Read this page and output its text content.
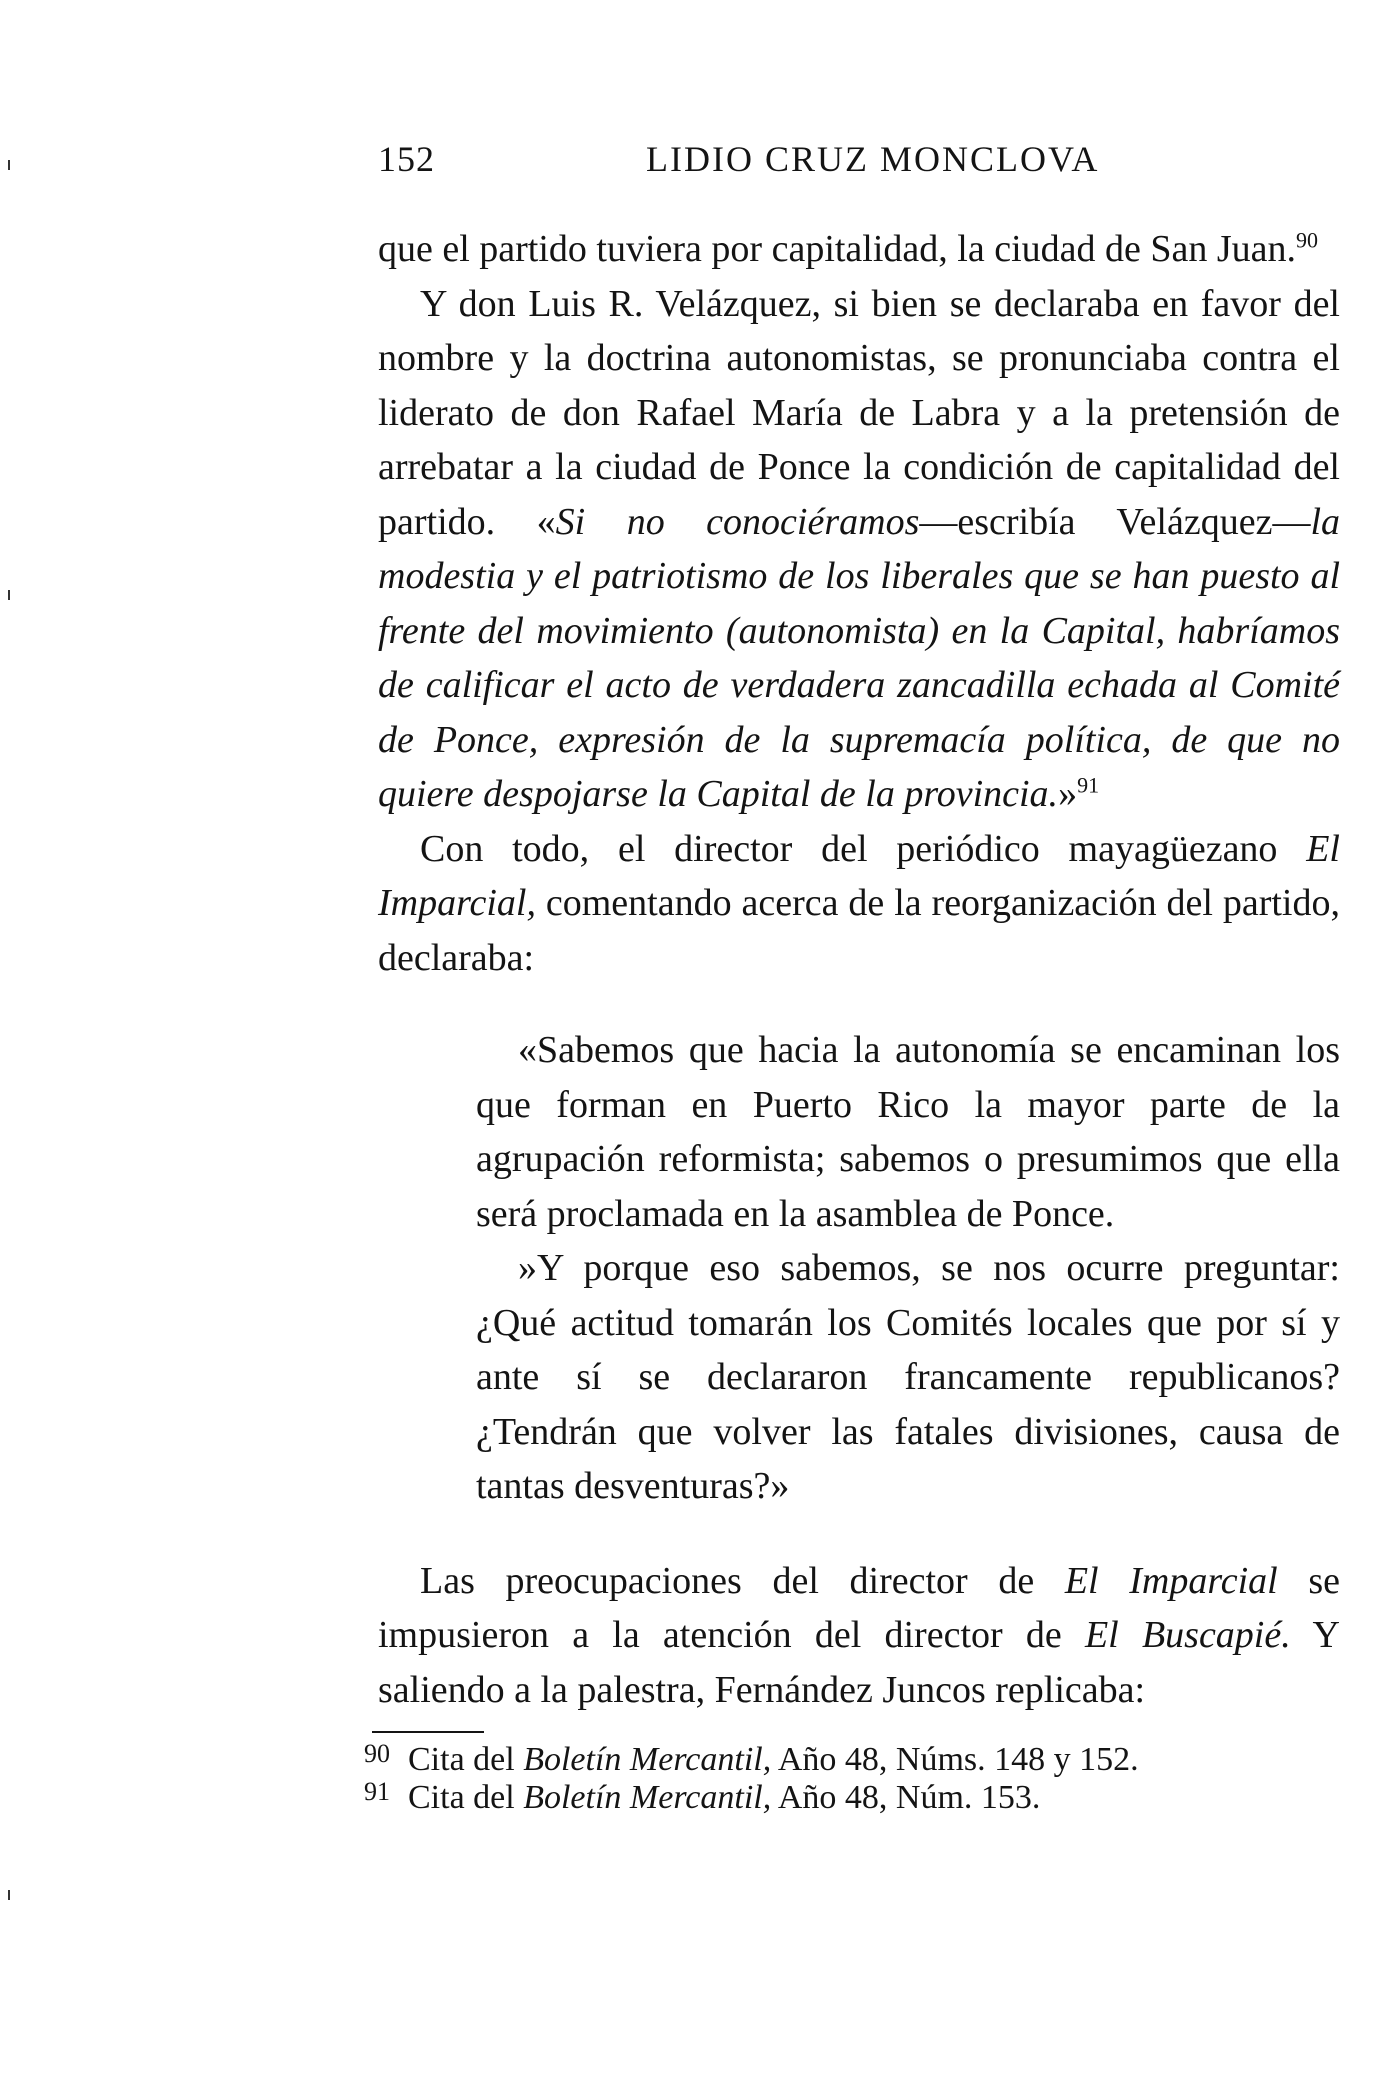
152	LIDIO CRUZ MONCLOVA

que el partido tuviera por capitalidad, la ciudad de San Juan.$^{90}$

Y don Luis R. Velázquez, si bien se declaraba en favor del nombre y la doctrina autonomistas, se pronunciaba contra el liderato de don Rafael María de Labra y a la pretensión de arrebatar a la ciudad de Ponce la condición de capitalidad del partido. «Si no conociéramos—escribía Velázquez—la modestia y el patriotismo de los liberales que se han puesto al frente del movimiento (autonomista) en la Capital, habríamos de calificar el acto de verdadera zancadilla echada al Comité de Ponce, expresión de la supremacía política, de que no quiere despojarse la Capital de la provincia.»$^{91}$

Con todo, el director del periódico mayagüezano El Imparcial, comentando acerca de la reorganización del partido, declaraba:

«Sabemos que hacia la autonomía se encaminan los que forman en Puerto Rico la mayor parte de la agrupación reformista; sabemos o presumimos que ella será proclamada en la asamblea de Ponce.

»Y porque eso sabemos, se nos ocurre preguntar: ¿Qué actitud tomarán los Comités locales que por sí y ante sí se declararon francamente republicanos? ¿Tendrán que volver las fatales divisiones, causa de tantas desventuras?»

Las preocupaciones del director de El Imparcial se impusieron a la atención del director de El Buscapié. Y saliendo a la palestra, Fernández Juncos replicaba:

90 Cita del Boletín Mercantil, Año 48, Núms. 148 y 152.
91 Cita del Boletín Mercantil, Año 48, Núm. 153.
